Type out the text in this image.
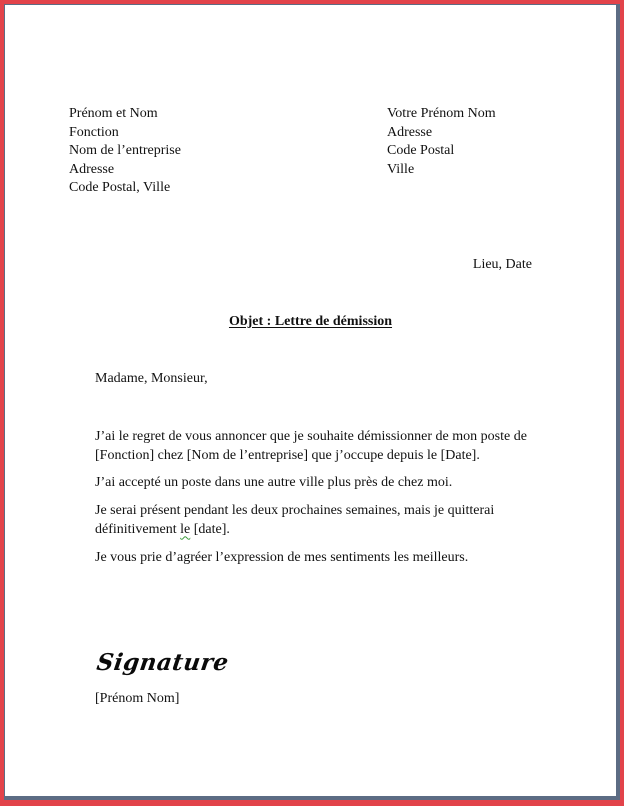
Prénom et Nom
Fonction
Nom de l’entreprise
Adresse
Code Postal, Ville
Votre Prénom Nom
Adresse
Code Postal
Ville
Lieu, Date
Objet : Lettre de démission
Madame, Monsieur,
J’ai le regret de vous annoncer que je souhaite démissionner de mon poste de
[Fonction] chez [Nom de l’entreprise] que j’occupe depuis le [Date].
J’ai accepté un poste dans une autre ville plus près de chez moi.
Je serai présent pendant les deux prochaines semaines, mais je quitterai
définitivement le [date].
Je vous prie d’agréer l’expression de mes sentiments les meilleurs.
Signature
[Prénom Nom]
